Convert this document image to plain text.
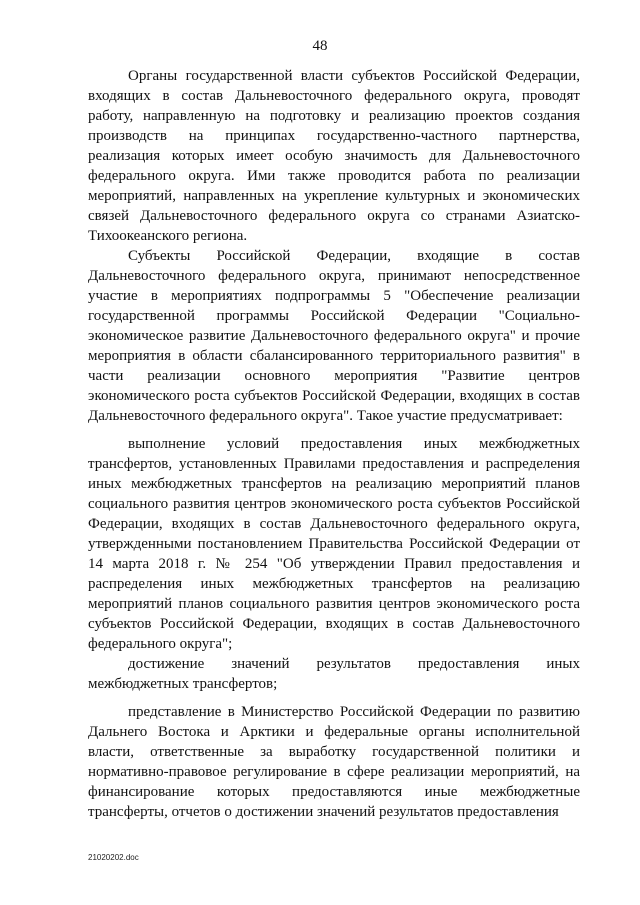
48

Органы государственной власти субъектов Российской Федерации, входящих в состав Дальневосточного федерального округа, проводят работу, направленную на подготовку и реализацию проектов создания производств на принципах государственно-частного партнерства, реализация которых имеет особую значимость для Дальневосточного федерального округа. Ими также проводится работа по реализации мероприятий, направленных на укрепление культурных и экономических связей Дальневосточного федерального округа со странами Азиатско-Тихоокеанского региона.

Субъекты Российской Федерации, входящие в состав Дальневосточного федерального округа, принимают непосредственное участие в мероприятиях подпрограммы 5 "Обеспечение реализации государственной программы Российской Федерации "Социально-экономическое развитие Дальневосточного федерального округа" и прочие мероприятия в области сбалансированного территориального развития" в части реализации основного мероприятия "Развитие центров экономического роста субъектов Российской Федерации, входящих в состав Дальневосточного федерального округа". Такое участие предусматривает:

выполнение условий предоставления иных межбюджетных трансфертов, установленных Правилами предоставления и распределения иных межбюджетных трансфертов на реализацию мероприятий планов социального развития центров экономического роста субъектов Российской Федерации, входящих в состав Дальневосточного федерального округа, утвержденными постановлением Правительства Российской Федерации от 14 марта 2018 г. № 254 "Об утверждении Правил предоставления и распределения иных межбюджетных трансфертов на реализацию мероприятий планов социального развития центров экономического роста субъектов Российской Федерации, входящих в состав Дальневосточного федерального округа";

достижение значений результатов предоставления иных межбюджетных трансфертов;

представление в Министерство Российской Федерации по развитию Дальнего Востока и Арктики и федеральные органы исполнительной власти, ответственные за выработку государственной политики и нормативно-правовое регулирование в сфере реализации мероприятий, на финансирование которых предоставляются иные межбюджетные трансферты, отчетов о достижении значений результатов предоставления

21020202.doc
